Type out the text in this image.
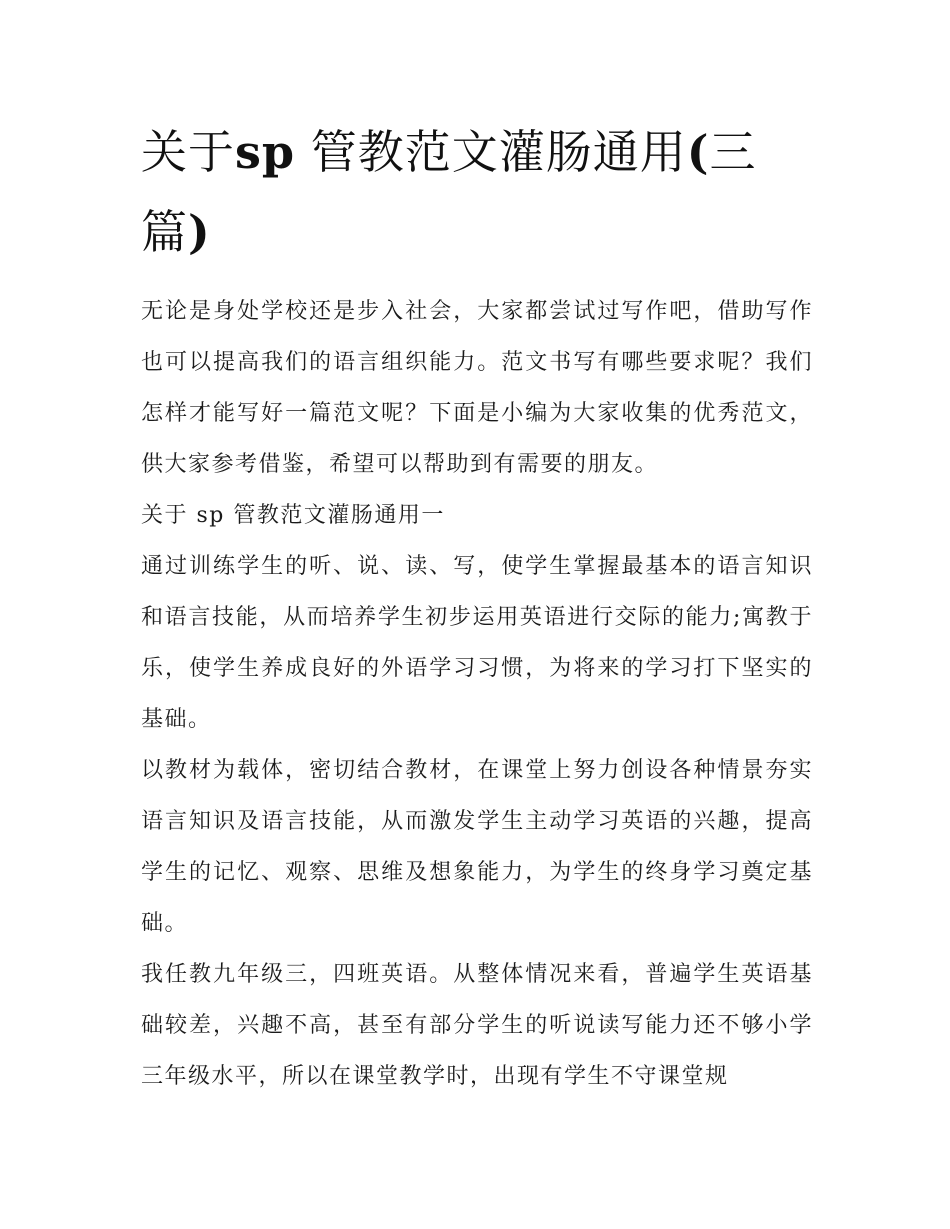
关于sp 管教范文灌肠通用(三篇)

无论是身处学校还是步入社会，大家都尝试过写作吧，借助写作也可以提高我们的语言组织能力。范文书写有哪些要求呢？我们怎样才能写好一篇范文呢？下面是小编为大家收集的优秀范文，供大家参考借鉴，希望可以帮助到有需要的朋友。

关于 sp 管教范文灌肠通用一

通过训练学生的听、说、读、写，使学生掌握最基本的语言知识和语言技能，从而培养学生初步运用英语进行交际的能力;寓教于乐，使学生养成良好的外语学习习惯，为将来的学习打下坚实的基础。

以教材为载体，密切结合教材，在课堂上努力创设各种情景夯实语言知识及语言技能，从而激发学生主动学习英语的兴趣，提高学生的记忆、观察、思维及想象能力，为学生的终身学习奠定基础。

我任教九年级三，四班英语。从整体情况来看，普遍学生英语基础较差，兴趣不高，甚至有部分学生的听说读写能力还不够小学三年级水平，所以在课堂教学时，出现有学生不守课堂规
